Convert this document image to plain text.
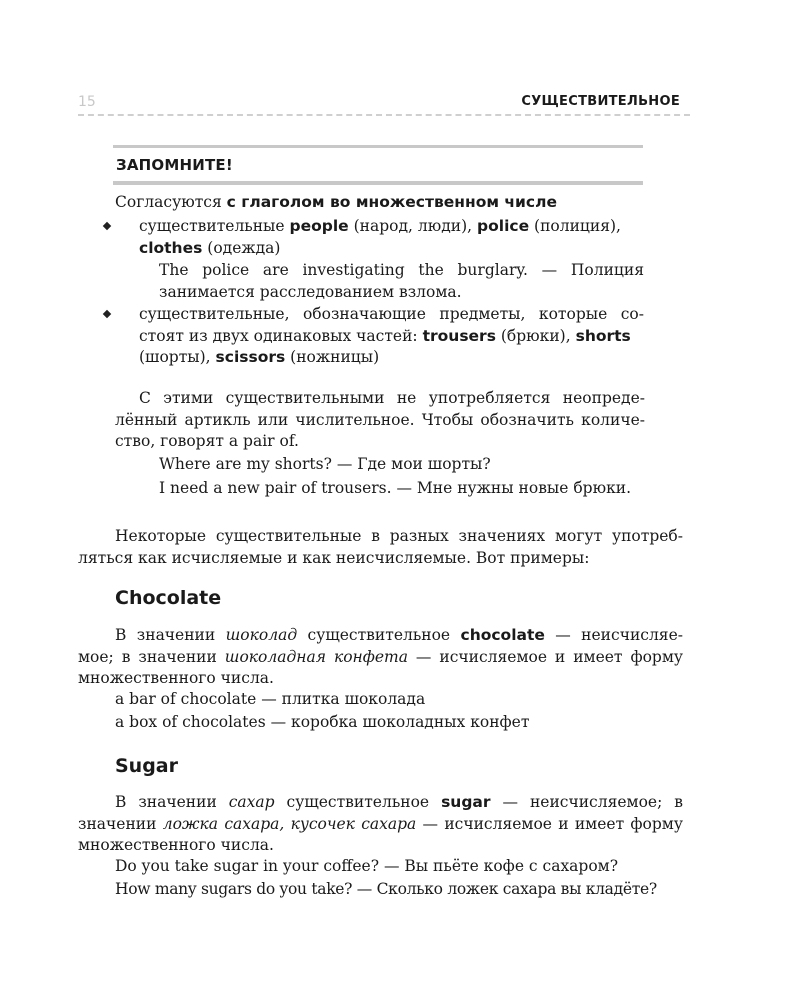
15	СУЩЕСТВИТЕЛЬНОЕ
ЗАПОМНИТЕ!
Согласуются с глаголом во множественном числе
существительные people (народ, люди), police (полиция),
clothes (одежда)
The police are investigating the burglary. — Полиция
занимается расследованием взлома.
существительные, обозначающие предметы, которые со-
стоят из двух одинаковых частей: trousers (брюки), shorts
(шорты), scissors (ножницы)
С этими существительными не употребляется неопреде-
лённый артикль или числительное. Чтобы обозначить количе-
ство, говорят a pair of.
Where are my shorts? — Где мои шорты?
I need a new pair of trousers. — Мне нужны новые брюки.
Некоторые существительные в разных значениях могут употреб-
ляться как исчисляемые и как неисчисляемые. Вот примеры:
Chocolate
В значении шоколад существительное chocolate — неисчисляе-
мое; в значении шоколадная конфета — исчисляемое и имеет форму
множественного числа.
a bar of chocolate — плитка шоколада
a box of chocolates — коробка шоколадных конфет
Sugar
В значении сахар существительное sugar — неисчисляемое; в
значении ложка сахара, кусочек сахара — исчисляемое и имеет форму
множественного числа.
Do you take sugar in your coffee? — Вы пьёте кофе с сахаром?
How many sugars do you take? — Сколько ложек сахара вы кладёте?
